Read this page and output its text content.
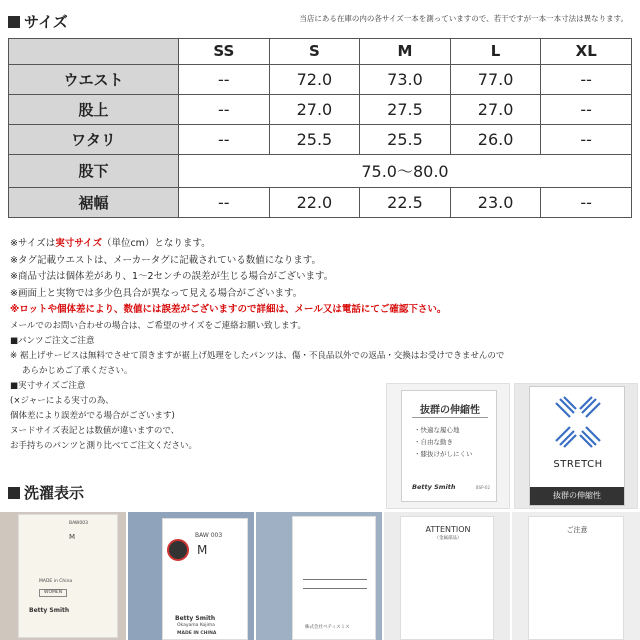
サイズ	当店にある在庫の内の各サイズ一本を測っていますので、若干ですが一本一本寸法は異なります。
	SS	S	M	L	XL
ウエスト	--	72.0	73.0	77.0	--
股上	--	27.0	27.5	27.0	--
ワタリ	--	25.5	25.5	26.0	--
股下	75.0〜80.0				
裾幅	--	22.0	22.5	23.0	--
※サイズは実寸サイズ（単位cm）となります。
※タグ記載ウエストは、メーカータグに記載されている数値になります。
※商品寸法は個体差があり、1〜2センチの誤差が生じる場合がございます。
※画面上と実物では多少色具合が異なって見える場合がございます。
※ロットや個体差により、数値には誤差がございますので詳細は、メール又は電話にてご確認下さい。
メールでのお問い合わせの場合は、ご希望のサイズをご連絡お願い致します。
■パンツご注文ご注意
※ 裾上げサービスは無料でさせて頂きますが裾上げ処理をしたパンツは、傷・不良品以外での返品・交換はお受けできませんので
あらかじめご了承ください。
■実寸サイズご注意
(×ジャーによる実寸の為、
個体差により誤差がでる場合がございます)
ヌードサイズ表記とは数値が違いますので、
お手持ちのパンツと測り比べてご注文ください。
洗濯表示
抜群の伸縮性
・快適な履心地
・自由な動き
・膝抜けがしにくい
Betty Smith	BSP-02
STRETCH
抜群の伸縮性
BAW003
M
MADE in China
WOMEN
Betty Smith
BAW 003
M
Betty Smith
Okayama Kojima
MADE IN CHINA
株式会社ベティスミス
ATTENTION
（金属部品）
ご注意
